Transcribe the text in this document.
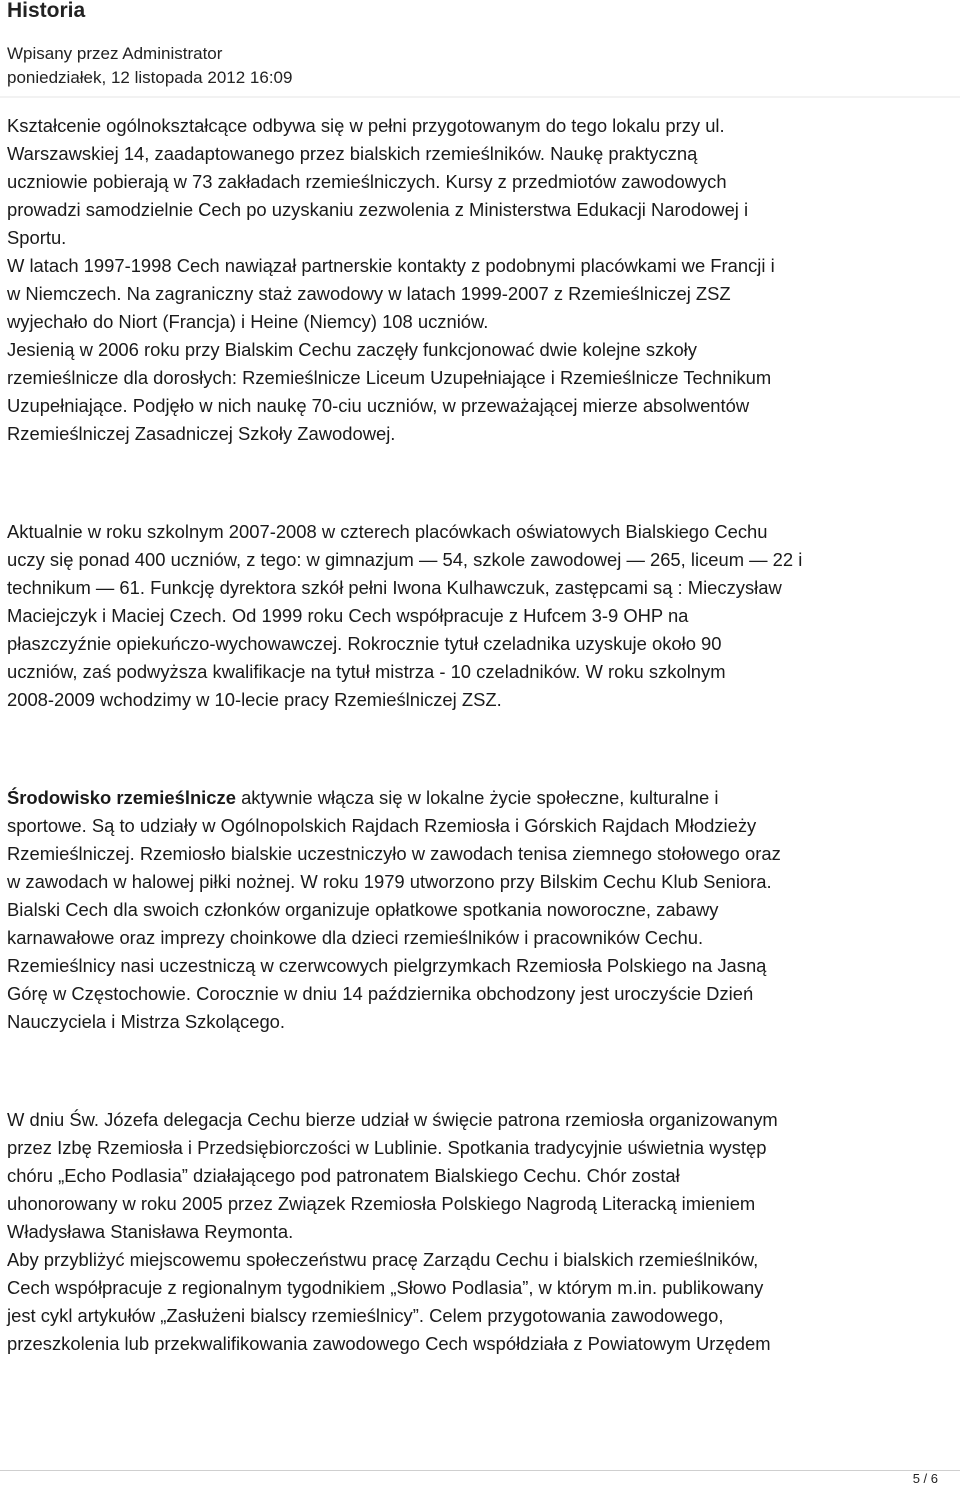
Historia
Wpisany przez Administrator
poniedziałek, 12 listopada 2012 16:09

Kształcenie ogólnokształcące odbywa się w pełni przygotowanym do tego lokalu przy ul.
Warszawskiej 14, zaadaptowanego przez bialskich rzemieślników. Naukę praktyczną
uczniowie pobierają w 73 zakładach rzemieślniczych. Kursy z przedmiotów zawodowych
prowadzi samodzielnie Cech po uzyskaniu zezwolenia z Ministerstwa Edukacji Narodowej i
Sportu.
W latach 1997-1998 Cech nawiązał partnerskie kontakty z podobnymi placówkami we Francji i
w Niemczech. Na zagraniczny staż zawodowy w latach 1999-2007 z Rzemieślniczej ZSZ
wyjechało do Niort (Francja) i Heine (Niemcy) 108 uczniów.
Jesienią w 2006 roku przy Bialskim Cechu zaczęły funkcjonować dwie kolejne szkoły
rzemieślnicze dla dorosłych: Rzemieślnicze Liceum Uzupełniające i Rzemieślnicze Technikum
Uzupełniające. Podjęło w nich naukę 70-ciu uczniów, w przeważającej mierze absolwentów
Rzemieślniczej Zasadniczej Szkoły Zawodowej.

Aktualnie w roku szkolnym 2007-2008 w czterech placówkach oświatowych Bialskiego Cechu
uczy się ponad 400 uczniów, z tego: w gimnazjum — 54, szkole zawodowej — 265, liceum — 22 i
technikum — 61. Funkcję dyrektora szkół pełni Iwona Kulhawczuk, zastępcami są : Mieczysław
Maciejczyk i Maciej Czech. Od 1999 roku Cech współpracuje z Hufcem 3-9 OHP na
płaszczyźnie opiekuńczo-wychowawczej. Rokrocznie tytuł czeladnika uzyskuje około 90
uczniów, zaś podwyższa kwalifikacje na tytuł mistrza - 10 czeladników. W roku szkolnym
2008-2009 wchodzimy w 10-lecie pracy Rzemieślniczej ZSZ.

Środowisko rzemieślnicze aktywnie włącza się w lokalne życie społeczne, kulturalne i
sportowe. Są to udziały w Ogólnopolskich Rajdach Rzemiosła i Górskich Rajdach Młodzieży
Rzemieślniczej. Rzemiosło bialskie uczestniczyło w zawodach tenisa ziemnego stołowego oraz
w zawodach w halowej piłki nożnej. W roku 1979 utworzono przy Bilskim Cechu Klub Seniora.
Bialski Cech dla swoich członków organizuje opłatkowe spotkania noworoczne, zabawy
karnawałowe oraz imprezy choinkowe dla dzieci rzemieślników i pracowników Cechu.
Rzemieślnicy nasi uczestniczą w czerwcowych pielgrzymkach Rzemiosła Polskiego na Jasną
Górę w Częstochowie. Corocznie w dniu 14 października obchodzony jest uroczyście Dzień
Nauczyciela i Mistrza Szkolącego.

W dniu Św. Józefa delegacja Cechu bierze udział w święcie patrona rzemiosła organizowanym
przez Izbę Rzemiosła i Przedsiębiorczości w Lublinie. Spotkania tradycyjnie uświetnia występ
chóru „Echo Podlasia” działającego pod patronatem Bialskiego Cechu. Chór został
uhonorowany w roku 2005 przez Związek Rzemiosła Polskiego Nagrodą Literacką imieniem
Władysława Stanisława Reymonta.
Aby przybliżyć miejscowemu społeczeństwu pracę Zarządu Cechu i bialskich rzemieślników,
Cech współpracuje z regionalnym tygodnikiem „Słowo Podlasia”, w którym m.in. publikowany
jest cykl artykułów „Zasłużeni bialscy rzemieślnicy”. Celem przygotowania zawodowego,
przeszkolenia lub przekwalifikowania zawodowego Cech współdziała z Powiatowym Urzędem

5 / 6
